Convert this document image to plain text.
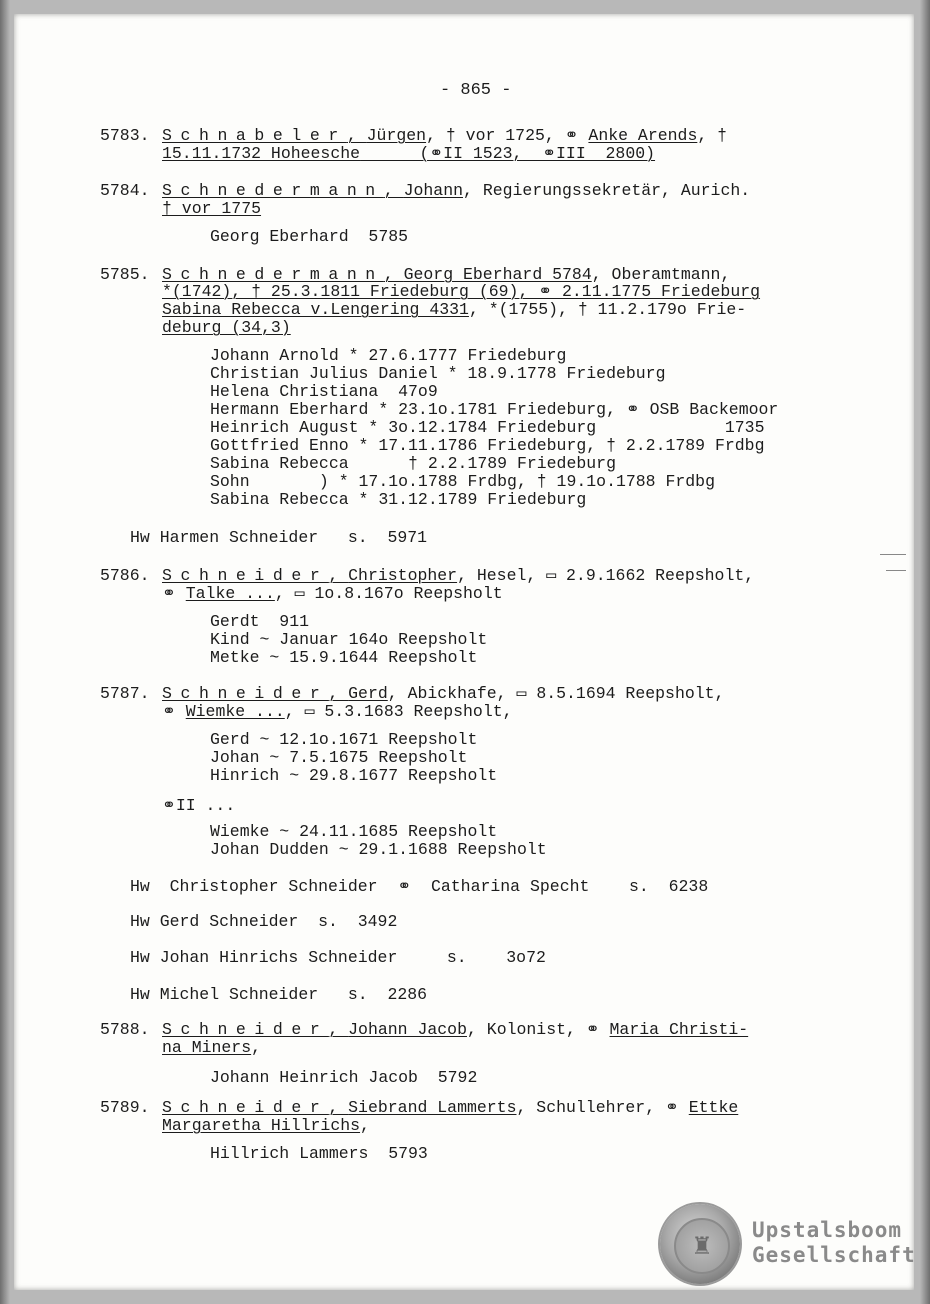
- 865 -
5783. Schnabeler, Jürgen, † vor 1725, ⚭ Anke Arends, †
15.11.1732 Hoheesche      (⚭II 1523,  ⚭III  2800)
5784. Schnedermann, Johann, Regierungssekretär, Aurich.
† vor 1775
Georg Eberhard  5785
5785. Schnedermann, Georg Eberhard 5784, Oberamtmann,
*(1742), † 25.3.1811 Friedeburg (69), ⚭ 2.11.1775 Friedeburg
Sabina Rebecca v.Lengering 4331, *(1755), † 11.2.179o Frie-
deburg (34,3)
Johann Arnold * 27.6.1777 Friedeburg
Christian Julius Daniel * 18.9.1778 Friedeburg
Helena Christiana  47o9
Hermann Eberhard * 23.1o.1781 Friedeburg, ⚭ OSB Backemoor
Heinrich August * 3o.12.1784 Friedeburg             1735
Gottfried Enno * 17.11.1786 Friedeburg, † 2.2.1789 Frdbg
Sabina Rebecca      † 2.2.1789 Friedeburg
Sohn       ) * 17.1o.1788 Frdbg, † 19.1o.1788 Frdbg
Sabina Rebecca * 31.12.1789 Friedeburg
Hw Harmen Schneider   s.  5971
5786. Schneider, Christopher, Hesel, ▭ 2.9.1662 Reepsholt,
⚭ Talke ..., ▭ 1o.8.167o Reepsholt
Gerdt  911
Kind ~ Januar 164o Reepsholt
Metke ~ 15.9.1644 Reepsholt
5787. Schneider, Gerd, Abickhafe, ▭ 8.5.1694 Reepsholt,
⚭ Wiemke ..., ▭ 5.3.1683 Reepsholt,
Gerd ~ 12.1o.1671 Reepsholt
Johan ~ 7.5.1675 Reepsholt
Hinrich ~ 29.8.1677 Reepsholt
⚭II ...
Wiemke ~ 24.11.1685 Reepsholt
Johan Dudden ~ 29.1.1688 Reepsholt
Hw  Christopher Schneider  ⚭  Catharina Specht    s.  6238
Hw Gerd Schneider  s.  3492
Hw Johan Hinrichs Schneider     s.    3o72
Hw Michel Schneider   s.  2286
5788. Schneider, Johann Jacob, Kolonist, ⚭ Maria Christi-
na Miners,
Johann Heinrich Jacob  5792
5789. Schneider, Siebrand Lammerts, Schullehrer, ⚭ Ettke
Margaretha Hillrichs,
Hillrich Lammers  5793
♜
Upstalsboom
Gesellschaft
